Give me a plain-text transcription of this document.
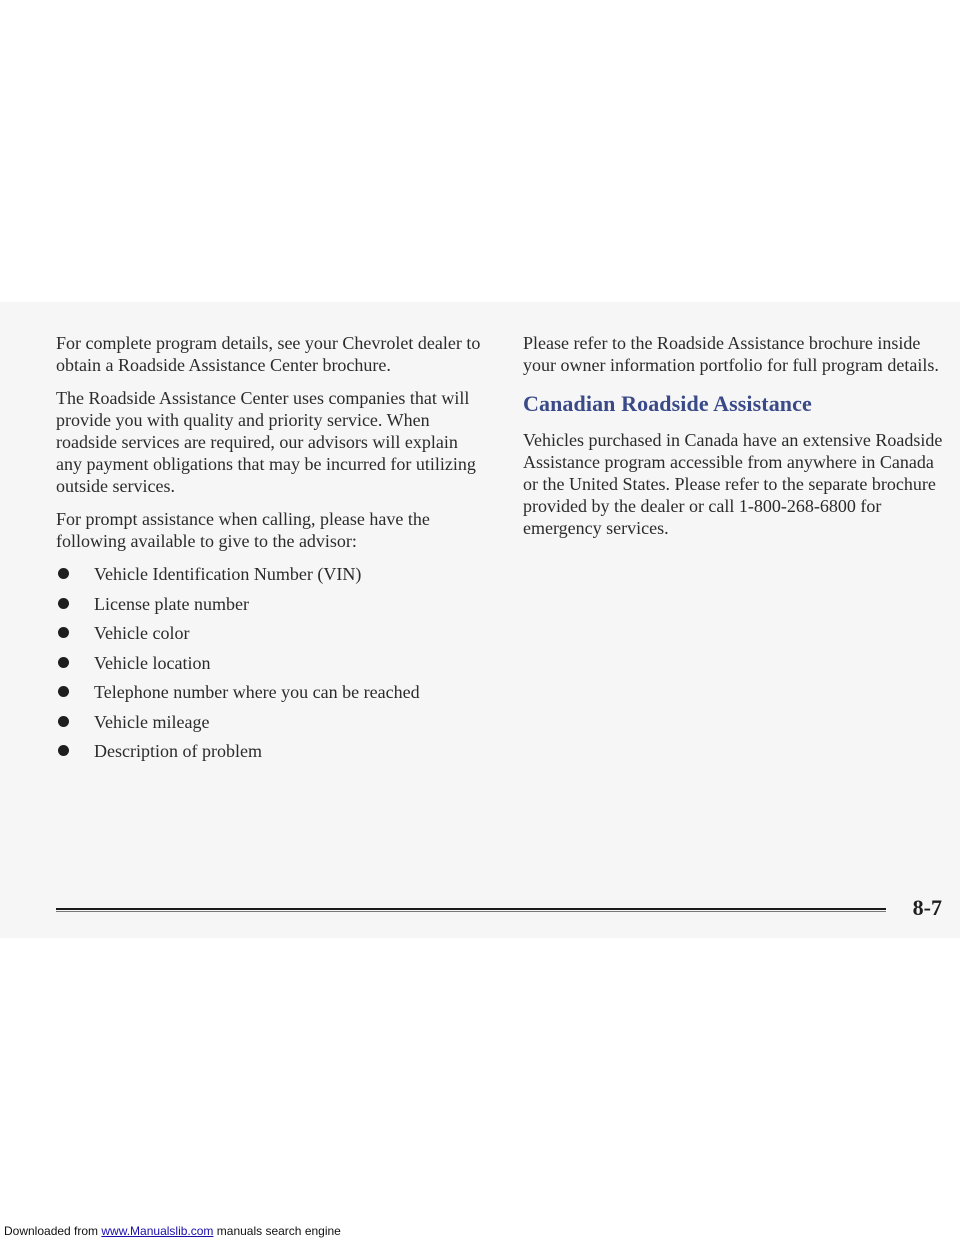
For complete program details, see your Chevrolet dealer to obtain a Roadside Assistance Center brochure.

The Roadside Assistance Center uses companies that will provide you with quality and priority service. When roadside services are required, our advisors will explain any payment obligations that may be incurred for utilizing outside services.

For prompt assistance when calling, please have the following available to give to the advisor:

Vehicle Identification Number (VIN)
License plate number
Vehicle color
Vehicle location
Telephone number where you can be reached
Vehicle mileage
Description of problem

Please refer to the Roadside Assistance brochure inside your owner information portfolio for full program details.

Canadian Roadside Assistance

Vehicles purchased in Canada have an extensive Roadside Assistance program accessible from anywhere in Canada or the United States. Please refer to the separate brochure provided by the dealer or call 1-800-268-6800 for emergency services.

8-7
Downloaded from www.Manualslib.com manuals search engine
